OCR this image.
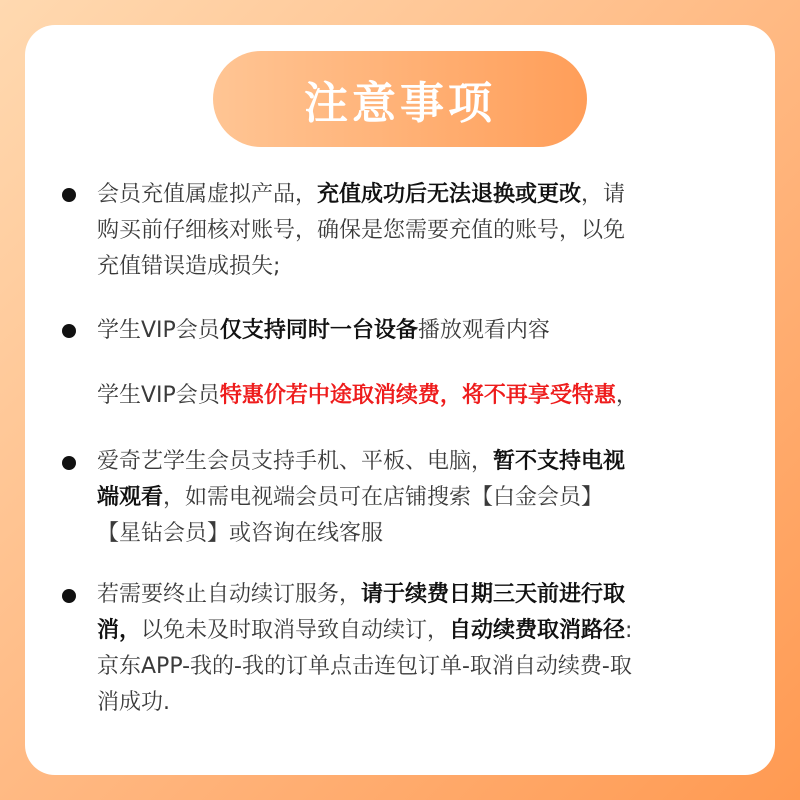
注意事项
会员充值属虚拟产品，充值成功后无法退换或更改，请
购买前仔细核对账号，确保是您需要充值的账号，以免
充值错误造成损失;
学生VIP会员仅支持同时一台设备播放观看内容
学生VIP会员特惠价若中途取消续费，将不再享受特惠，
爱奇艺学生会员支持手机、平板、电脑，暂不支持电视
端观看，如需电视端会员可在店铺搜索【白金会员】
【星钻会员】或咨询在线客服
若需要终止自动续订服务，请于续费日期三天前进行取
消，以免未及时取消导致自动续订，自动续费取消路径:
京东APP-我的-我的订单点击连包订单-取消自动续费-取
消成功.
